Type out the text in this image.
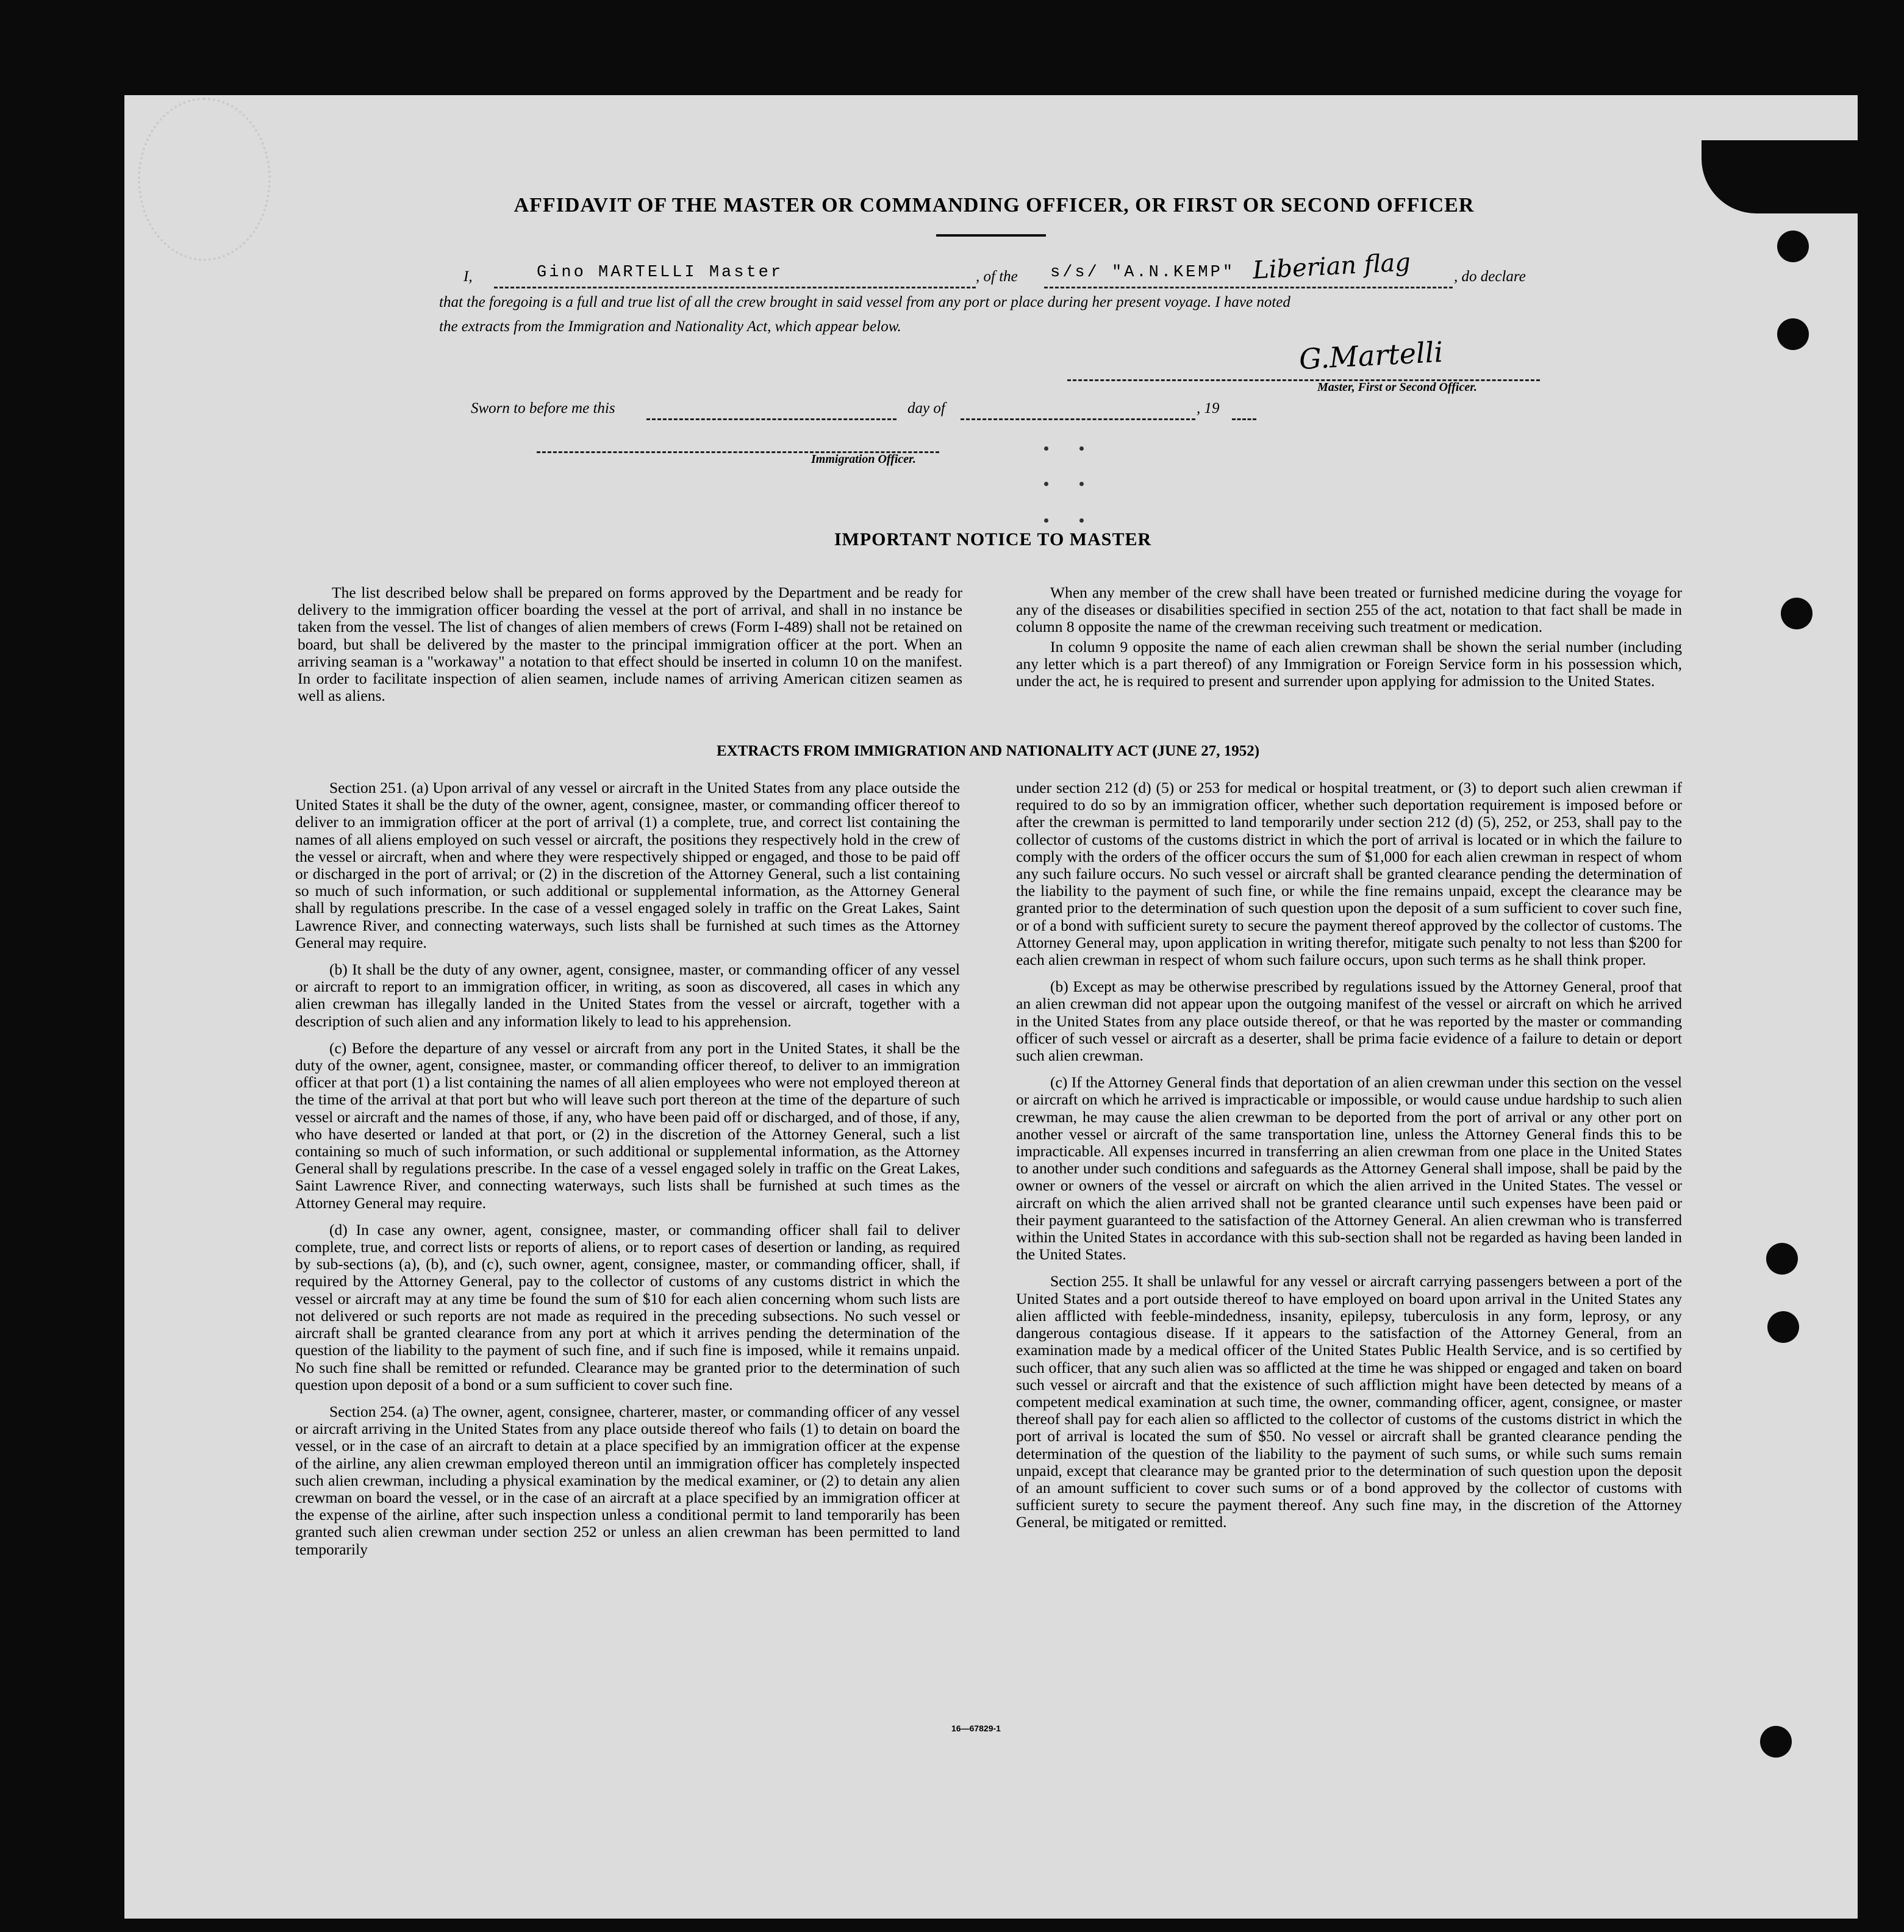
AFFIDAVIT OF THE MASTER OR COMMANDING OFFICER, OR FIRST OR SECOND OFFICER
I,	Gino MARTELLI Master	, of the s/s/ "A.N.KEMP" Liberian flag	, do declare
that the foregoing is a full and true list of all the crew brought in said vessel from any port or place during her present voyage. I have noted
the extracts from the Immigration and Nationality Act, which appear below.
G.Martelli
Master, First or Second Officer.
Sworn to before me this	day of	, 19
Immigration Officer.
IMPORTANT NOTICE TO MASTER

The list described below shall be prepared on forms approved by the Department and be ready for delivery to the immigration officer boarding the vessel at the port of arrival, and shall in no instance be taken from the vessel. The list of changes of alien members of crews (Form I-489) shall not be retained on board, but shall be delivered by the master to the principal immigration officer at the port. When an arriving seaman is a "workaway" a notation to that effect should be inserted in column 10 on the manifest. In order to facilitate inspection of alien seamen, include names of arriving American citizen seamen as well as aliens.

When any member of the crew shall have been treated or furnished medicine during the voyage for any of the diseases or disabilities specified in section 255 of the act, notation to that fact shall be made in column 8 opposite the name of the crewman receiving such treatment or medication.

In column 9 opposite the name of each alien crewman shall be shown the serial number (including any letter which is a part thereof) of any Immigration or Foreign Service form in his possession which, under the act, he is required to present and surrender upon applying for admission to the United States.

EXTRACTS FROM IMMIGRATION AND NATIONALITY ACT (JUNE 27, 1952)

Section 251. (a) Upon arrival of any vessel or aircraft in the United States from any place outside the United States it shall be the duty of the owner, agent, consignee, master, or commanding officer thereof to deliver to an immigration officer at the port of arrival (1) a complete, true, and correct list containing the names of all aliens employed on such vessel or aircraft, the positions they respectively hold in the crew of the vessel or aircraft, when and where they were respectively shipped or engaged, and those to be paid off or discharged in the port of arrival; or (2) in the discretion of the Attorney General, such a list containing so much of such information, or such additional or supplemental information, as the Attorney General shall by regulations prescribe. In the case of a vessel engaged solely in traffic on the Great Lakes, Saint Lawrence River, and connecting waterways, such lists shall be furnished at such times as the Attorney General may require.

(b) It shall be the duty of any owner, agent, consignee, master, or commanding officer of any vessel or aircraft to report to an immigration officer, in writing, as soon as discovered, all cases in which any alien crewman has illegally landed in the United States from the vessel or aircraft, together with a description of such alien and any information likely to lead to his apprehension.

(c) Before the departure of any vessel or aircraft from any port in the United States, it shall be the duty of the owner, agent, consignee, master, or commanding officer thereof, to deliver to an immigration officer at that port (1) a list containing the names of all alien employees who were not employed thereon at the time of the arrival at that port but who will leave such port thereon at the time of the departure of such vessel or aircraft and the names of those, if any, who have been paid off or discharged, and of those, if any, who have deserted or landed at that port, or (2) in the discretion of the Attorney General, such a list containing so much of such information, or such additional or supplemental information, as the Attorney General shall by regulations prescribe. In the case of a vessel engaged solely in traffic on the Great Lakes, Saint Lawrence River, and connecting waterways, such lists shall be furnished at such times as the Attorney General may require.

(d) In case any owner, agent, consignee, master, or commanding officer shall fail to deliver complete, true, and correct lists or reports of aliens, or to report cases of desertion or landing, as required by sub-sections (a), (b), and (c), such owner, agent, consignee, master, or commanding officer, shall, if required by the Attorney General, pay to the collector of customs of any customs district in which the vessel or aircraft may at any time be found the sum of $10 for each alien concerning whom such lists are not delivered or such reports are not made as required in the preceding subsections. No such vessel or aircraft shall be granted clearance from any port at which it arrives pending the determination of the question of the liability to the payment of such fine, and if such fine is imposed, while it remains unpaid. No such fine shall be remitted or refunded. Clearance may be granted prior to the determination of such question upon deposit of a bond or a sum sufficient to cover such fine.

Section 254. (a) The owner, agent, consignee, charterer, master, or commanding officer of any vessel or aircraft arriving in the United States from any place outside thereof who fails (1) to detain on board the vessel, or in the case of an aircraft to detain at a place specified by an immigration officer at the expense of the airline, any alien crewman employed thereon until an immigration officer has completely inspected such alien crewman, including a physical examination by the medical examiner, or (2) to detain any alien crewman on board the vessel, or in the case of an aircraft at a place specified by an immigration officer at the expense of the airline, after such inspection unless a conditional permit to land temporarily has been granted such alien crewman under section 252 or unless an alien crewman has been permitted to land temporarily

under section 212 (d) (5) or 253 for medical or hospital treatment, or (3) to deport such alien crewman if required to do so by an immigration officer, whether such deportation requirement is imposed before or after the crewman is permitted to land temporarily under section 212 (d) (5), 252, or 253, shall pay to the collector of customs of the customs district in which the port of arrival is located or in which the failure to comply with the orders of the officer occurs the sum of $1,000 for each alien crewman in respect of whom any such failure occurs. No such vessel or aircraft shall be granted clearance pending the determination of the liability to the payment of such fine, or while the fine remains unpaid, except the clearance may be granted prior to the determination of such question upon the deposit of a sum sufficient to cover such fine, or of a bond with sufficient surety to secure the payment thereof approved by the collector of customs. The Attorney General may, upon application in writing therefor, mitigate such penalty to not less than $200 for each alien crewman in respect of whom such failure occurs, upon such terms as he shall think proper.

(b) Except as may be otherwise prescribed by regulations issued by the Attorney General, proof that an alien crewman did not appear upon the outgoing manifest of the vessel or aircraft on which he arrived in the United States from any place outside thereof, or that he was reported by the master or commanding officer of such vessel or aircraft as a deserter, shall be prima facie evidence of a failure to detain or deport such alien crewman.

(c) If the Attorney General finds that deportation of an alien crewman under this section on the vessel or aircraft on which he arrived is impracticable or impossible, or would cause undue hardship to such alien crewman, he may cause the alien crewman to be deported from the port of arrival or any other port on another vessel or aircraft of the same transportation line, unless the Attorney General finds this to be impracticable. All expenses incurred in transferring an alien crewman from one place in the United States to another under such conditions and safeguards as the Attorney General shall impose, shall be paid by the owner or owners of the vessel or aircraft on which the alien arrived in the United States. The vessel or aircraft on which the alien arrived shall not be granted clearance until such expenses have been paid or their payment guaranteed to the satisfaction of the Attorney General. An alien crewman who is transferred within the United States in accordance with this sub-section shall not be regarded as having been landed in the United States.

Section 255. It shall be unlawful for any vessel or aircraft carrying passengers between a port of the United States and a port outside thereof to have employed on board upon arrival in the United States any alien afflicted with feeble-mindedness, insanity, epilepsy, tuberculosis in any form, leprosy, or any dangerous contagious disease. If it appears to the satisfaction of the Attorney General, from an examination made by a medical officer of the United States Public Health Service, and is so certified by such officer, that any such alien was so afflicted at the time he was shipped or engaged and taken on board such vessel or aircraft and that the existence of such affliction might have been detected by means of a competent medical examination at such time, the owner, commanding officer, agent, consignee, or master thereof shall pay for each alien so afflicted to the collector of customs of the customs district in which the port of arrival is located the sum of $50. No vessel or aircraft shall be granted clearance pending the determination of the question of the liability to the payment of such sums, or while such sums remain unpaid, except that clearance may be granted prior to the determination of such question upon the deposit of an amount sufficient to cover such sums or of a bond approved by the collector of customs with sufficient surety to secure the payment thereof. Any such fine may, in the discretion of the Attorney General, be mitigated or remitted.

16—67829-1
